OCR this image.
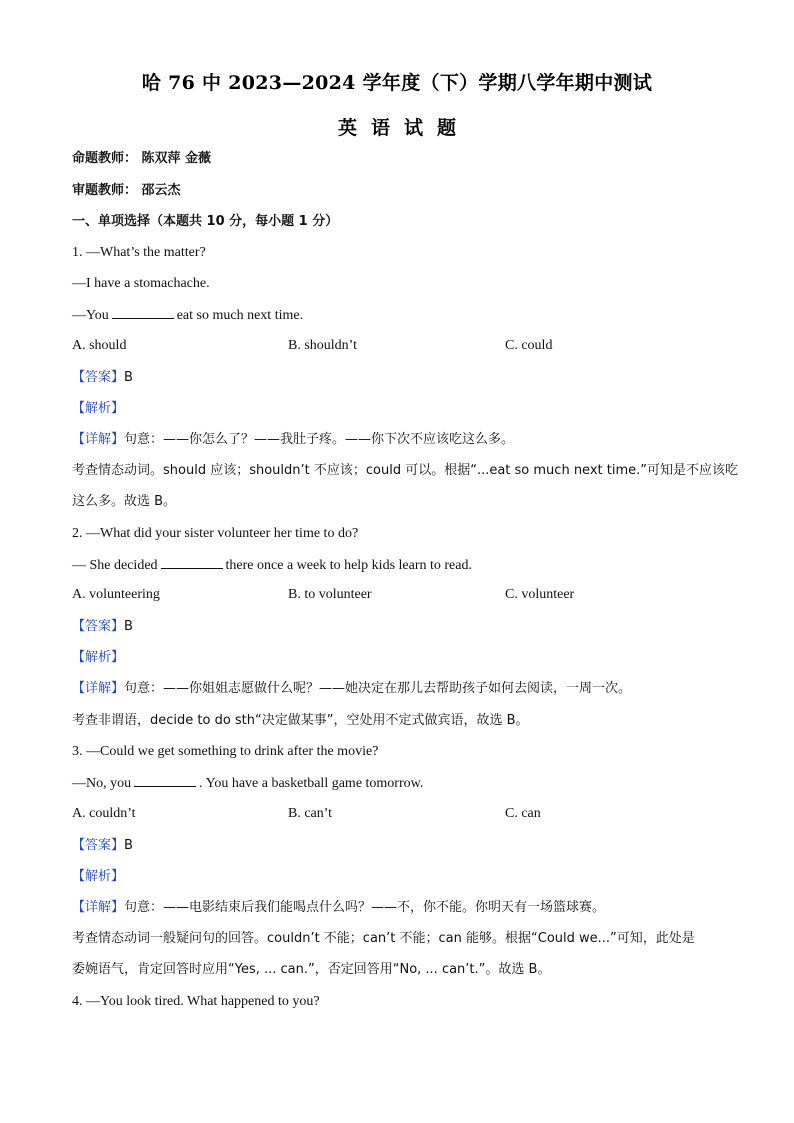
哈 76 中 2023—2024 学年度（下）学期八学年期中测试
英语试题
命题教师： 陈双萍 金薇
审题教师： 邵云杰
一、单项选择（本题共 10 分，每小题 1 分）
1. —What’s the matter?
—I have a stomachache.
—You	eat so much next time.
A. should	B. shouldn’t	C. could
【答案】B
【解析】
【详解】句意：——你怎么了？——我肚子疼。——你下次不应该吃这么多。
考查情态动词。should 应该；shouldn’t 不应该；could 可以。根据“...eat so much next time.”可知是不应该吃
这么多。故选 B。
2. —What did your sister volunteer her time to do?
— She decided	there once a week to help kids learn to read.
A. volunteering	B. to volunteer	C. volunteer
【答案】B
【解析】
【详解】句意：——你姐姐志愿做什么呢？——她决定在那儿去帮助孩子如何去阅读，一周一次。
考查非谓语，decide to do sth“决定做某事”，空处用不定式做宾语，故选 B。
3. —Could we get something to drink after the movie?
—No, you	. You have a basketball game tomorrow.
A. couldn’t	B. can’t	C. can
【答案】B
【解析】
【详解】句意：——电影结束后我们能喝点什么吗？——不，你不能。你明天有一场篮球赛。
考查情态动词一般疑问句的回答。couldn’t 不能；can’t 不能；can 能够。根据“Could we...”可知，此处是
委婉语气，肯定回答时应用“Yes, ... can.”，否定回答用“No, ... can’t.”。故选 B。
4. —You look tired. What happened to you?
